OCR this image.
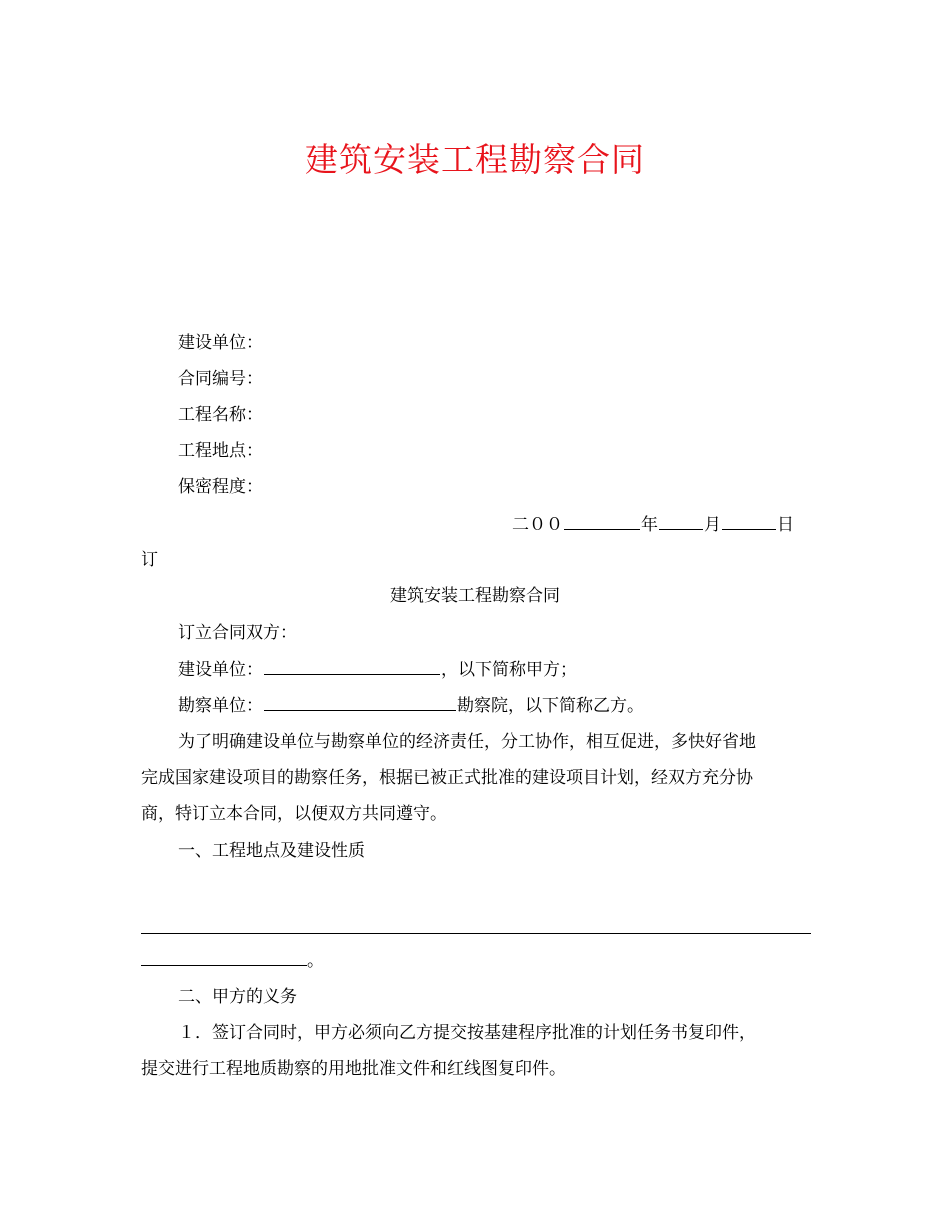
建筑安装工程勘察合同
建设单位：
合同编号：
工程名称：
工程地点：
保密程度：
二００	年	月	日
订
建筑安装工程勘察合同
订立合同双方：
建设单位：	，以下简称甲方；
勘察单位：	勘察院，以下简称乙方。
为了明确建设单位与勘察单位的经济责任，分工协作，相互促进，多快好省地
完成国家建设项目的勘察任务，根据已被正式批准的建设项目计划，经双方充分协
商，特订立本合同，以便双方共同遵守。
一、工程地点及建设性质
。
二、甲方的义务
１．签订合同时，甲方必须向乙方提交按基建程序批准的计划任务书复印件，
提交进行工程地质勘察的用地批准文件和红线图复印件。
